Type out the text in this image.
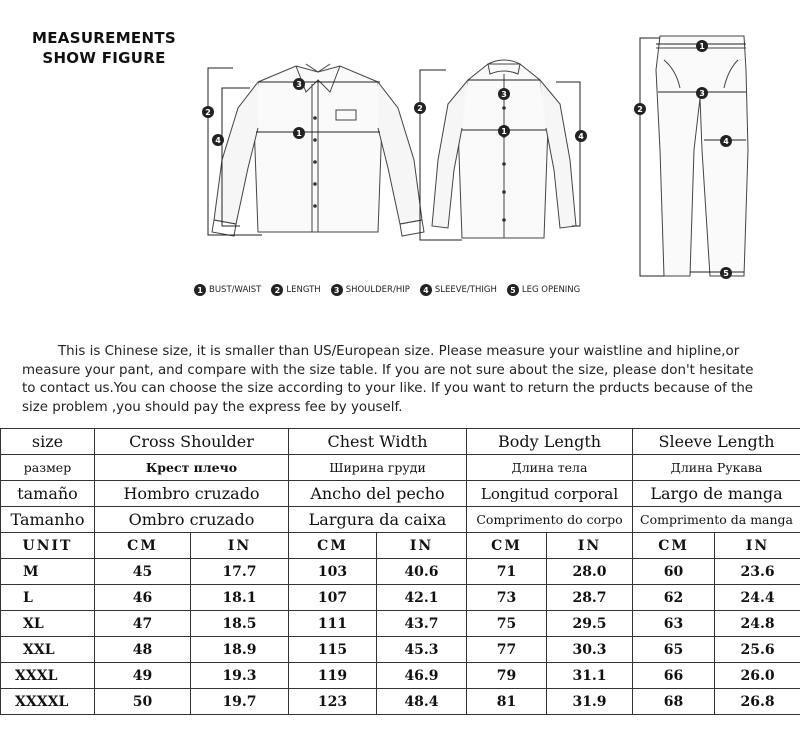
MEASUREMENTS
SHOW FIGURE
3
2
4
1
3
2
1
4
1
3
2
4
5
1 BUST/WAIST	2 LENGTH	3 SHOULDER/HIP	4 SLEEVE/THIGH	5 LEG OPENING
This is Chinese size, it is smaller than US/European size. Please measure your waistline and hipline,or
measure your pant, and compare with the size table. If you are not sure about the size, please don't hesitate
to contact us.You can choose the size according to your like. If you want to return the prducts because of the
size problem ,you should pay the express fee by youself.
size	Cross Shoulder		Chest Width		Body Length		Sleeve Length	
размер	Крест плечо		Ширина груди		Длина тела		Длина Рукава	
tamaño	Hombro cruzado		Ancho del pecho		Longitud corporal		Largo de manga	
Tamanho	Ombro cruzado		Largura da caixa		Comprimento do corpo		Comprimento da manga	
UNIT	CM	IN	CM	IN	CM	IN	CM	IN
M	45	17.7	103	40.6	71	28.0	60	23.6
L	46	18.1	107	42.1	73	28.7	62	24.4
XL	47	18.5	111	43.7	75	29.5	63	24.8
XXL	48	18.9	115	45.3	77	30.3	65	25.6
XXXL	49	19.3	119	46.9	79	31.1	66	26.0
XXXXL	50	19.7	123	48.4	81	31.9	68	26.8
